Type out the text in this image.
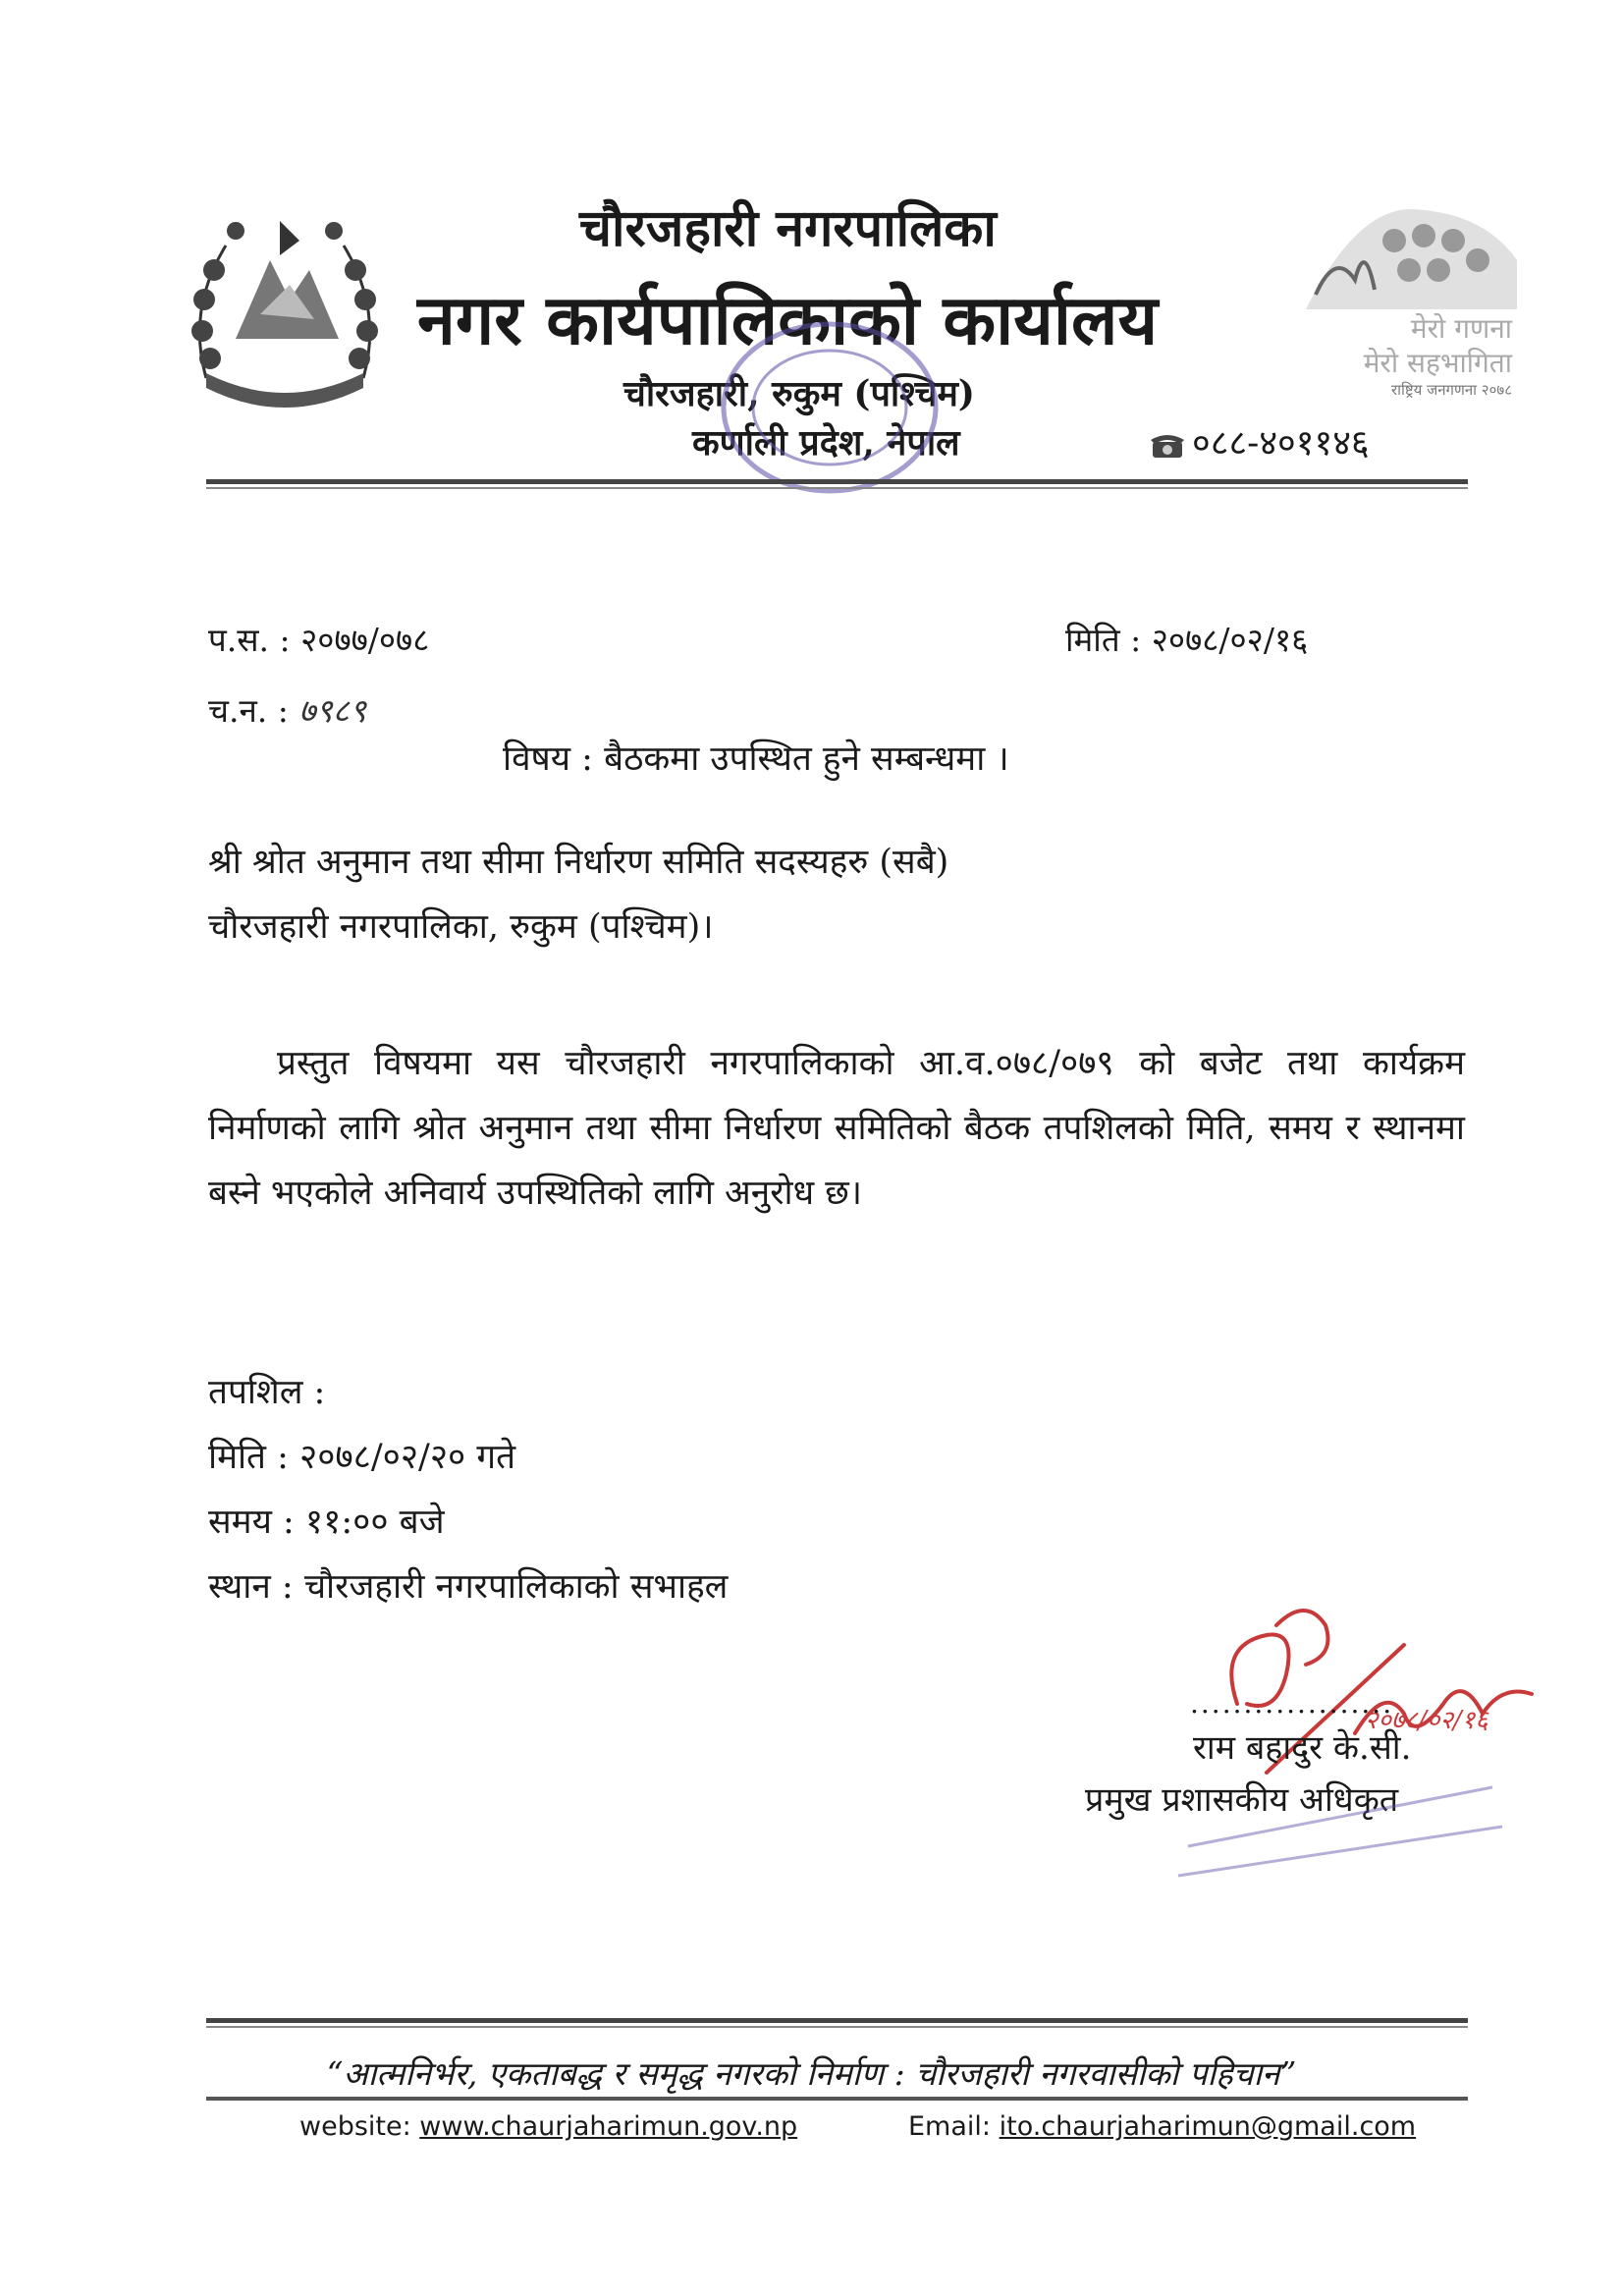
चौरजहारी नगरपालिका
नगर कार्यपालिकाको कार्यालय
चौरजहारी, रुकुम (पश्चिम)
कर्णाली प्रदेश, नेपाल	०८८-४०११४६
मेरो गणना
मेरो सहभागिता
राष्ट्रिय जनगणना २०७८
प.स. : २०७७/०७८	मिति : २०७८/०२/१६
च.न. : ७९८९
विषय : बैठकमा उपस्थित हुने सम्बन्धमा ।
श्री श्रोत अनुमान तथा सीमा निर्धारण समिति सदस्यहरु (सबै)
चौरजहारी नगरपालिका, रुकुम (पश्चिम)।
प्रस्तुत विषयमा यस चौरजहारी नगरपालिकाको आ.व.०७८/०७९ को बजेट तथा कार्यक्रम निर्माणको लागि श्रोत अनुमान तथा सीमा निर्धारण समितिको बैठक तपशिलको मिति, समय र स्थानमा बस्ने भएकोले अनिवार्य उपस्थितिको लागि अनुरोध छ।
तपशिल :
मिति : २०७८/०२/२० गते
समय : ११:०० बजे
स्थान : चौरजहारी नगरपालिकाको सभाहल
२०७८/०२/१६
...................
राम बहादुर के.सी.
प्रमुख प्रशासकीय अधिकृत
“आत्मनिर्भर, एकताबद्ध र समृद्ध नगरको निर्माण : चौरजहारी नगरवासीको पहिचान”
website: www.chaurjaharimun.gov.np	Email: ito.chaurjaharimun@gmail.com
